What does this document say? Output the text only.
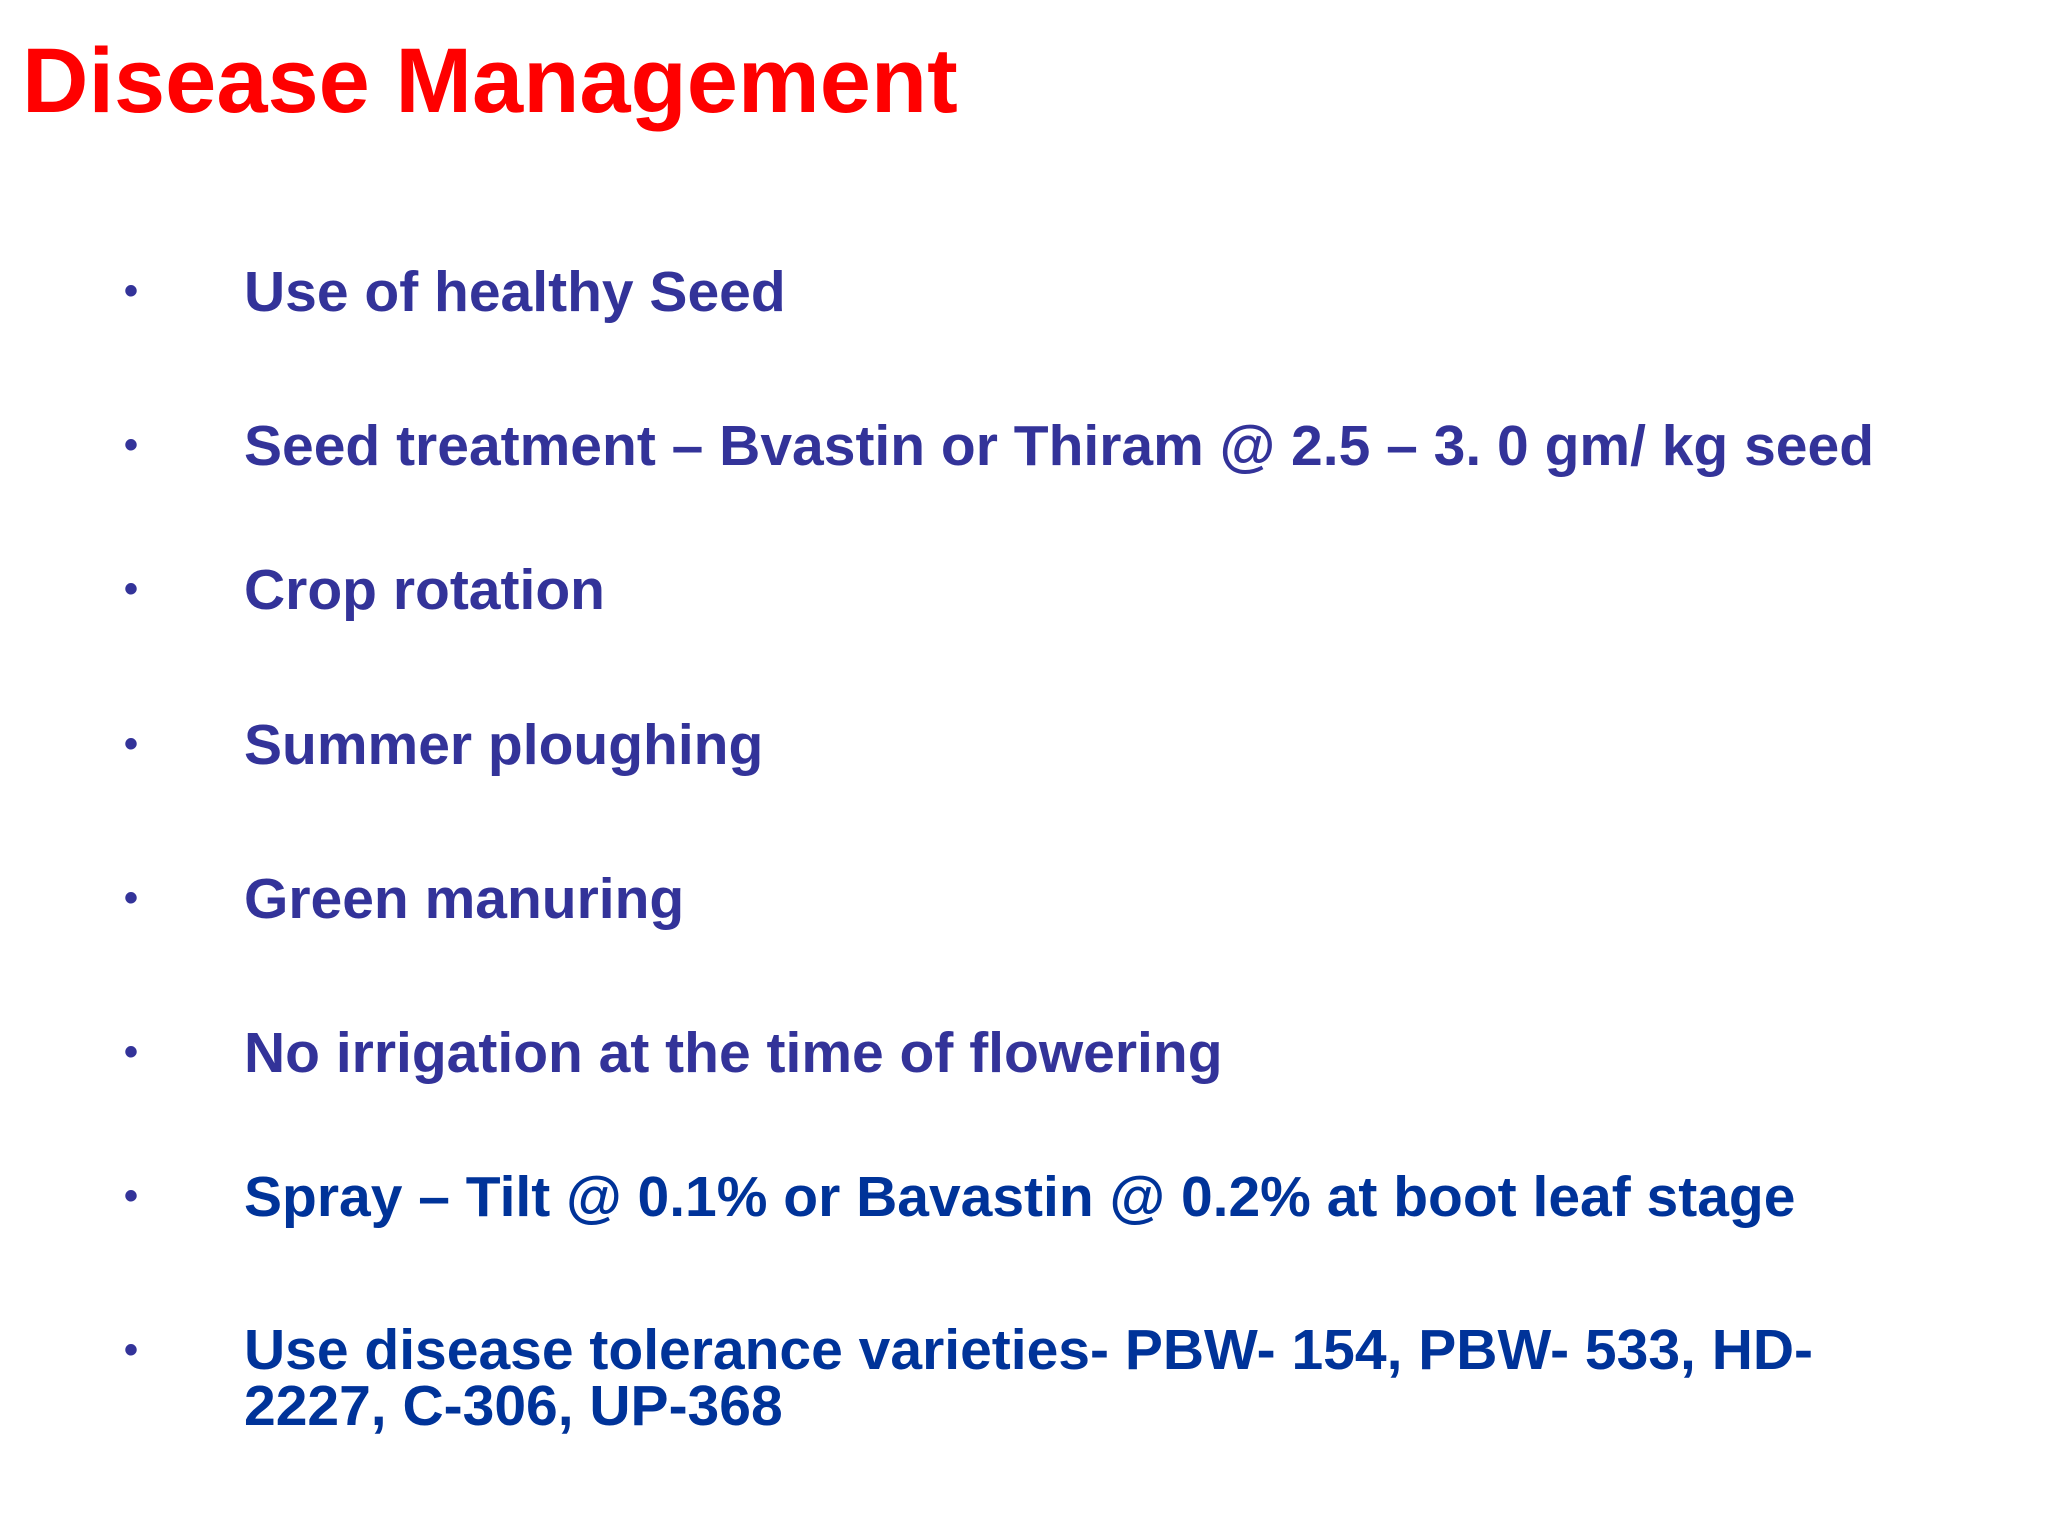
Disease Management
• Use of healthy Seed
• Seed treatment – Bvastin or Thiram @ 2.5 – 3. 0 gm/ kg seed
• Crop rotation
• Summer ploughing
• Green manuring
• No irrigation at the time of flowering
• Spray – Tilt @ 0.1% or Bavastin @ 0.2% at boot leaf stage
• Use disease tolerance varieties- PBW- 154, PBW- 533, HD-2227, C-306, UP-368
